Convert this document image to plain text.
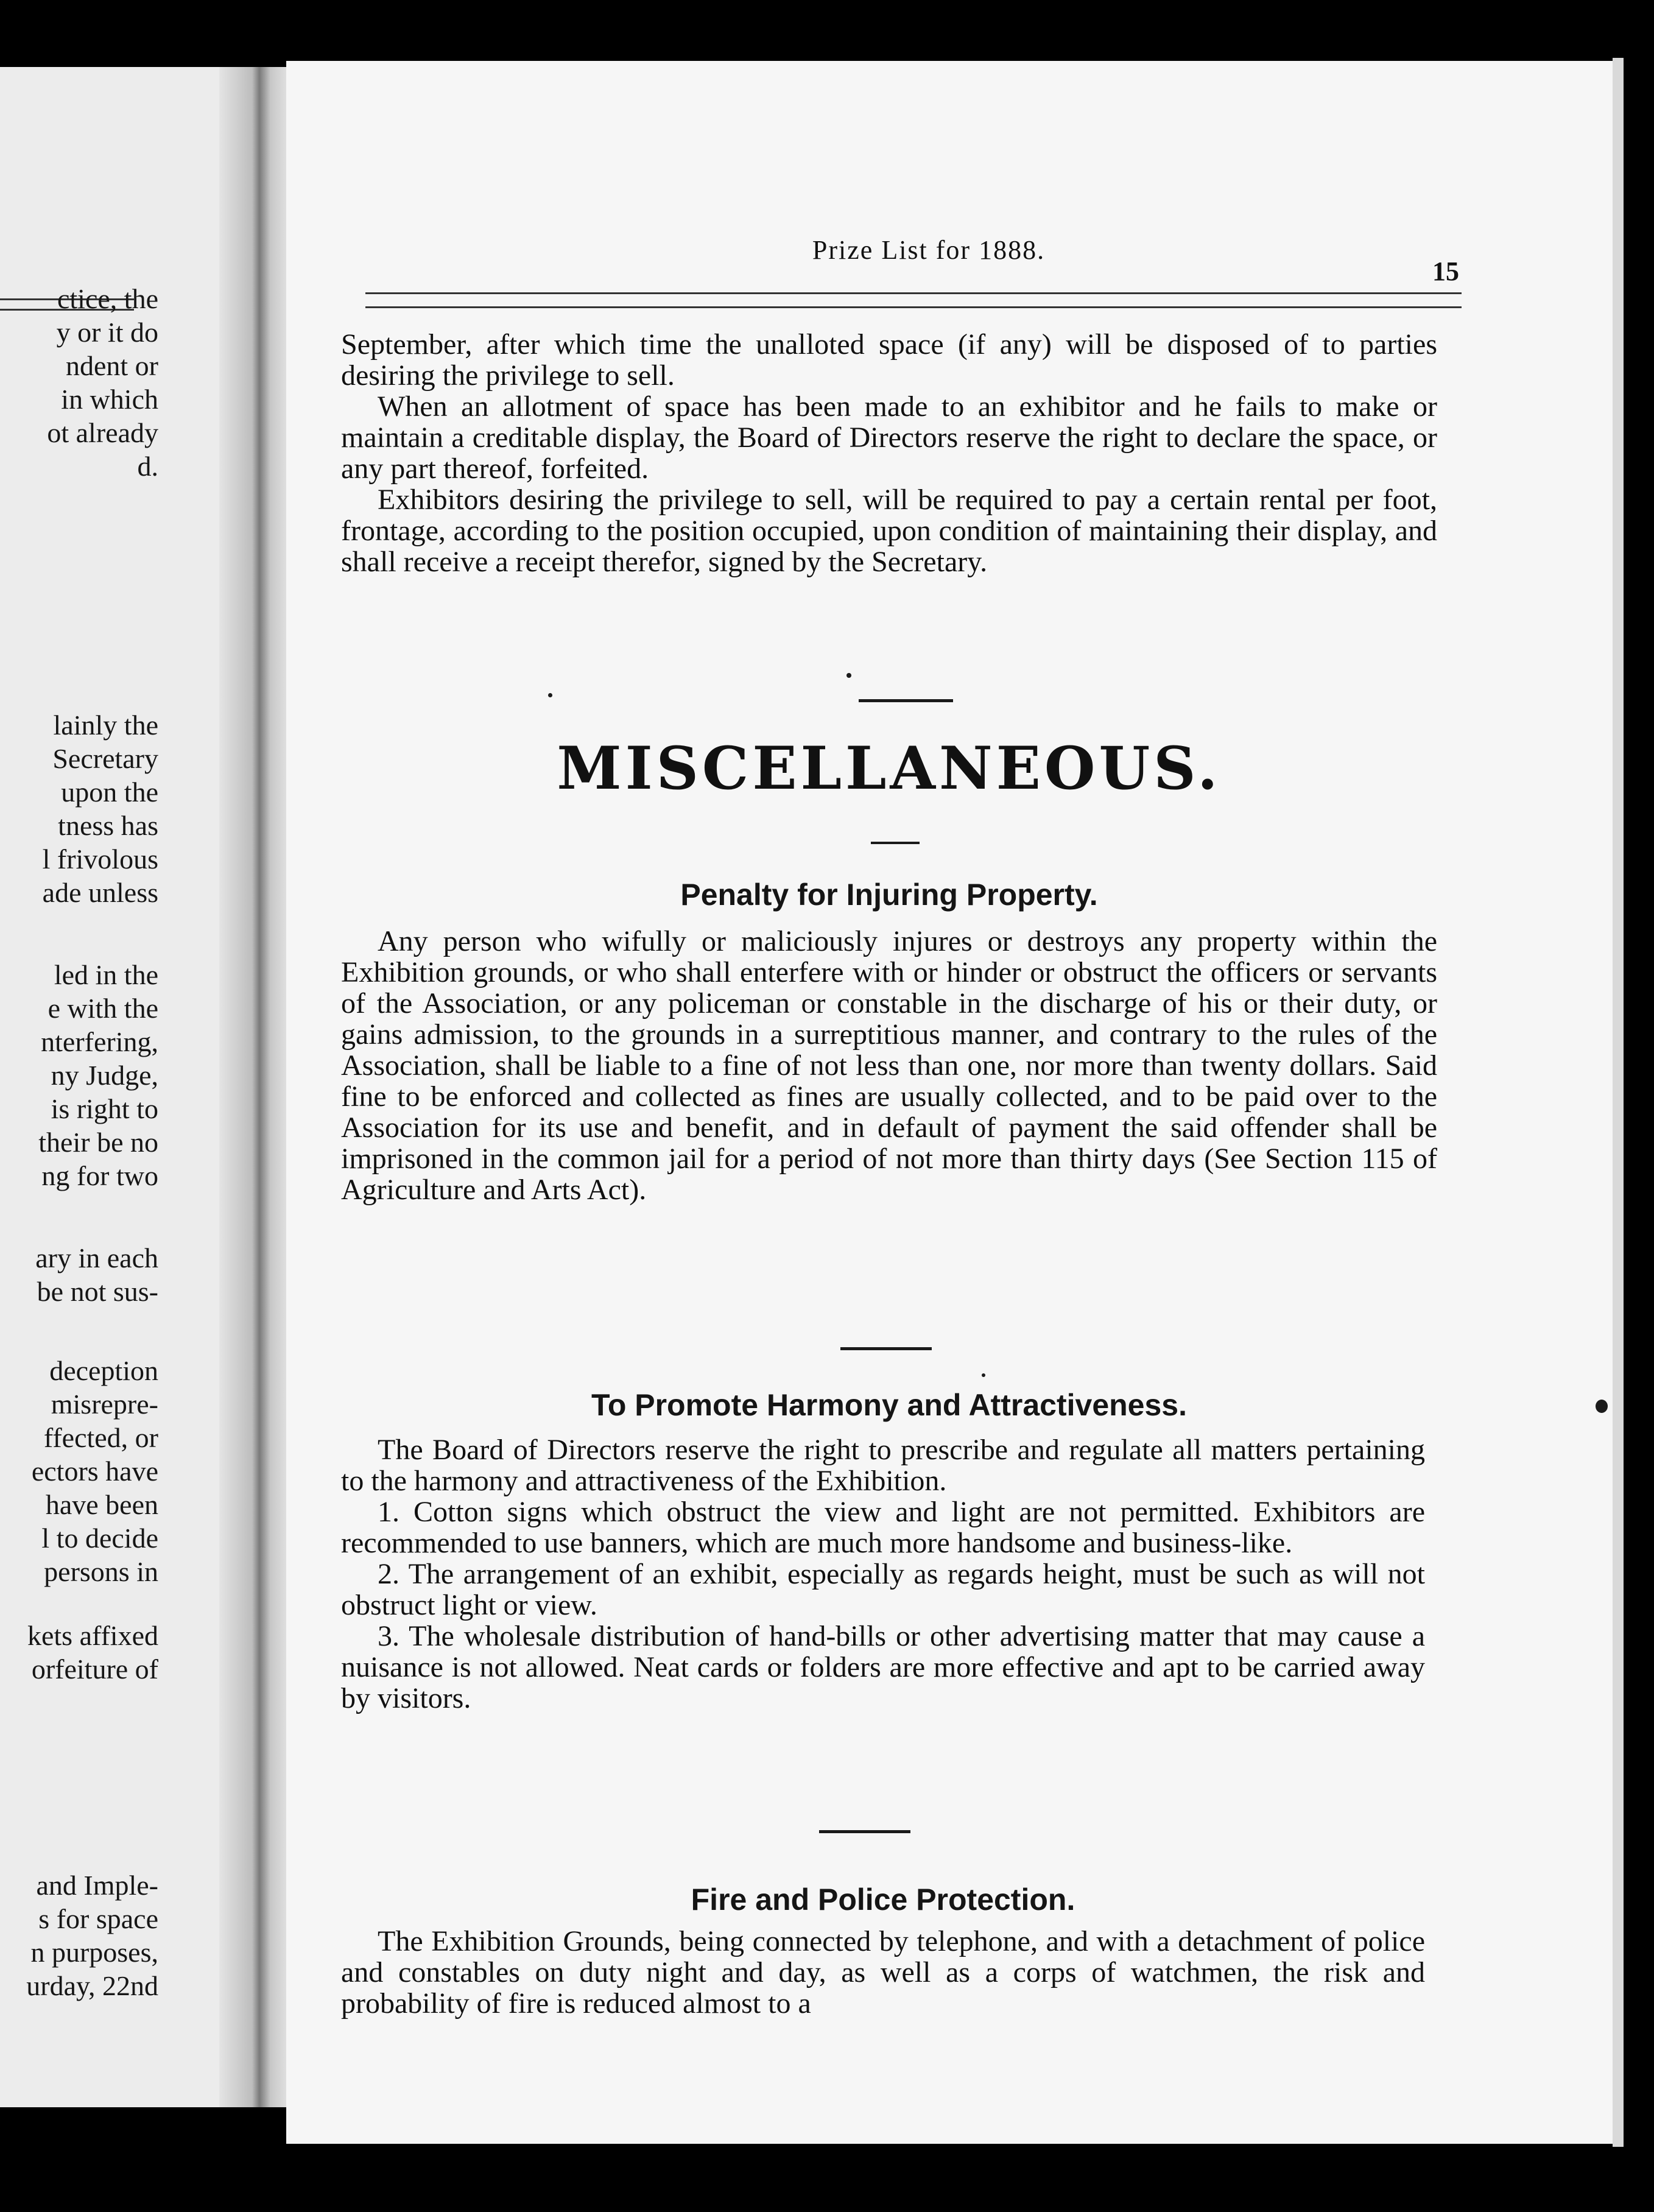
ctice, the
y or it do
ndent or
in which
ot already
d.
lainly the
Secretary
upon the
tness has
l frivolous
ade unless
led in the
e with the
nterfering,
ny Judge,
is right to
their be no
ng for two
ary in each
be not sus-
deception
misrepre-
ffected, or
ectors have
have been
l to decide
persons in
kets affixed
orfeiture of
and Imple-
s for space
n purposes,
urday, 22nd
Prize List for 1888.
15

September, after which time the unalloted space (if any) will be disposed of to parties desiring the privilege to sell.

When an allotment of space has been made to an exhibitor and he fails to make or maintain a creditable display, the Board of Directors reserve the right to declare the space, or any part thereof, forfeited.

Exhibitors desiring the privilege to sell, will be required to pay a certain rental per foot, frontage, according to the position occupied, upon condition of maintaining their display, and shall receive a receipt therefor, signed by the Secretary.

MISCELLANEOUS.
Penalty for Injuring Property.

Any person who wifully or maliciously injures or destroys any property within the Exhibition grounds, or who shall enterfere with or hinder or obstruct the officers or servants of the Association, or any policeman or constable in the discharge of his or their duty, or gains admission, to the grounds in a surreptitious manner, and contrary to the rules of the Association, shall be liable to a fine of not less than one, nor more than twenty dollars. Said fine to be enforced and collected as fines are usually collected, and to be paid over to the Association for its use and benefit, and in default of payment the said offender shall be imprisoned in the common jail for a period of not more than thirty days (See Section 115 of Agriculture and Arts Act).

To Promote Harmony and Attractiveness.

The Board of Directors reserve the right to prescribe and regulate all matters pertaining to the harmony and attractiveness of the Exhibition.

1. Cotton signs which obstruct the view and light are not permitted. Exhibitors are recommended to use banners, which are much more handsome and business-like.

2. The arrangement of an exhibit, especially as regards height, must be such as will not obstruct light or view.

3. The wholesale distribution of hand-bills or other advertising matter that may cause a nuisance is not allowed. Neat cards or folders are more effective and apt to be carried away by visitors.

Fire and Police Protection.

The Exhibition Grounds, being connected by telephone, and with a detachment of police and constables on duty night and day, as well as a corps of watchmen, the risk and probability of fire is reduced almost to a
